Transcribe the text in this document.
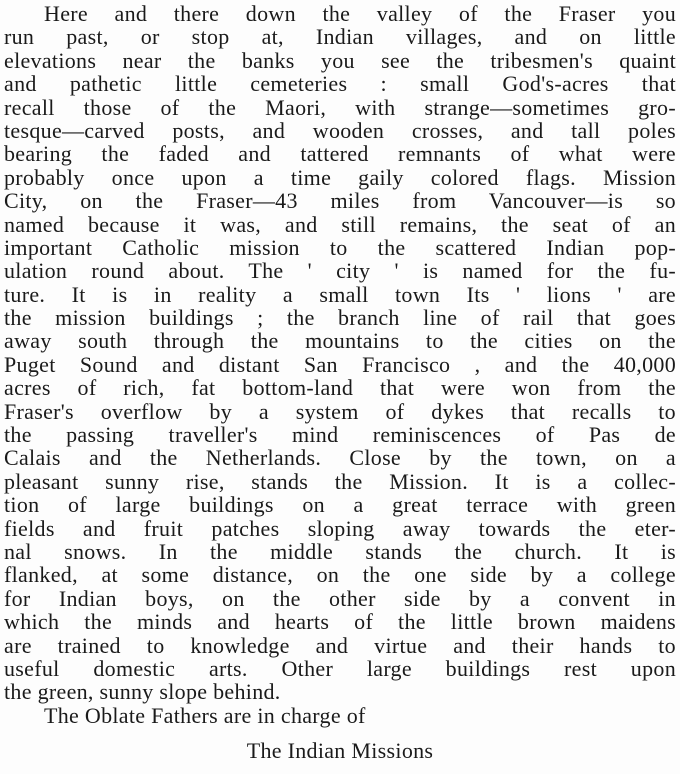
Here and there down the valley of the Fraser you
run past, or stop at, Indian villages, and on little
elevations near the banks you see the tribesmen's quaint
and pathetic little cemeteries : small God's-acres that
recall those of the Maori, with strange—sometimes gro-
tesque—carved posts, and wooden crosses, and tall poles
bearing the faded and tattered remnants of what were
probably once upon a time gaily colored flags. Mission
City, on the Fraser—43 miles from Vancouver—is so
named because it was, and still remains, the seat of an
important Catholic mission to the scattered Indian pop-
ulation round about. The ' city ' is named for the fu-
ture. It is in reality a small town Its ' lions ' are
the mission buildings ; the branch line of rail that goes
away south through the mountains to the cities on the
Puget Sound and distant San Francisco , and the 40,000
acres of rich, fat bottom-land that were won from the
Fraser's overflow by a system of dykes that recalls to
the passing traveller's mind reminiscences of Pas de
Calais and the Netherlands. Close by the town, on a
pleasant sunny rise, stands the Mission. It is a collec-
tion of large buildings on a great terrace with green
fields and fruit patches sloping away towards the eter-
nal snows. In the middle stands the church. It is
flanked, at some distance, on the one side by a college
for Indian boys, on the other side by a convent in
which the minds and hearts of the little brown maidens
are trained to knowledge and virtue and their hands to
useful domestic arts. Other large buildings rest upon
the green, sunny slope behind.
The Oblate Fathers are in charge of
The Indian Missions
